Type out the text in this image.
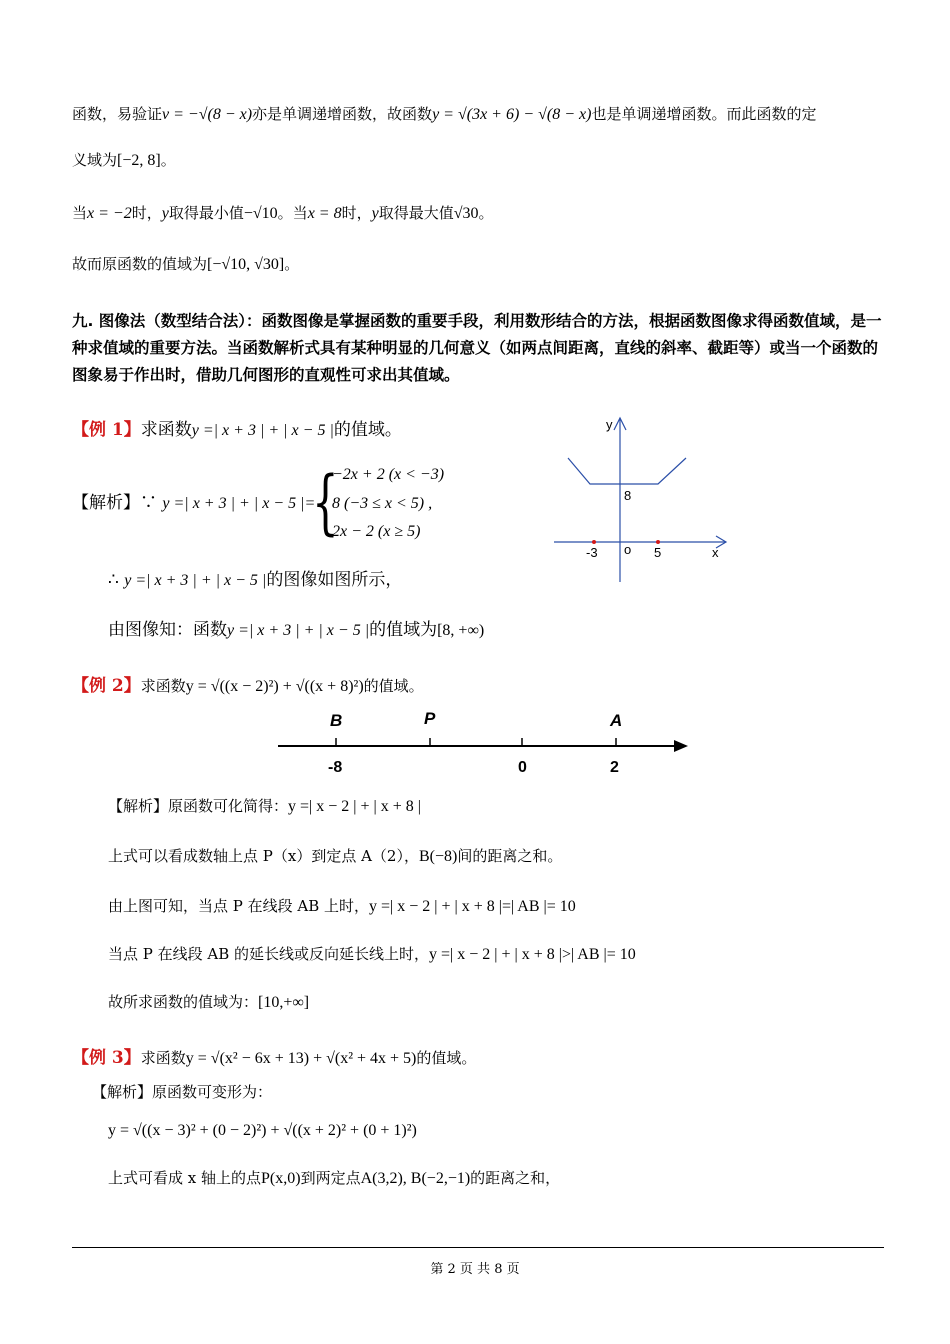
函数，易验证v = −√(8 − x)亦是单调递增函数，故函数y = √(3x + 6) − √(8 − x)也是单调递增函数。而此函数的定
义域为[−2, 8]。
当x = −2时，y取得最小值−√10。当x = 8时，y取得最大值√30。
故而原函数的值域为[−√10, √30]。
九. 图像法（数型结合法）：函数图像是掌握函数的重要手段，利用数形结合的方法，根据函数图像求得函数值域，是一种求值域的重要方法。当函数解析式具有某种明显的几何意义（如两点间距离，直线的斜率、截距等）或当一个函数的图象易于作出时，借助几何图形的直观性可求出其值域。
【例 1】求函数y =| x + 3 | + | x − 5 |的值域。
【解析】∵ y =| x + 3 | + | x − 5 |=
{
−2x + 2 (x < −3)
8 (−3 ≤ x < 5) ,
2x − 2 (x ≥ 5)
y
x
8
-3 o 5
∴ y =| x + 3 | + | x − 5 |的图像如图所示，
由图像知：函数y =| x + 3 | + | x − 5 |的值域为[8, +∞)
【例 2】求函数y = √((x − 2)²) + √((x + 8)²)的值域。
B	P	A
-8	0	2
【解析】原函数可化简得：y =| x − 2 | + | x + 8 |
上式可以看成数轴上点 P（x）到定点 A（2），B(−8)间的距离之和。
由上图可知，当点 P 在线段 AB 上时，y =| x − 2 | + | x + 8 |=| AB |= 10
当点 P 在线段 AB 的延长线或反向延长线上时，y =| x − 2 | + | x + 8 |>| AB |= 10
故所求函数的值域为：[10,+∞]
【例 3】求函数y = √(x² − 6x + 13) + √(x² + 4x + 5)的值域。
【解析】原函数可变形为：
y = √((x − 3)² + (0 − 2)²) + √((x + 2)² + (0 + 1)²)
上式可看成 x 轴上的点P(x,0)到两定点A(3,2), B(−2,−1)的距离之和，
第 2 页 共 8 页
